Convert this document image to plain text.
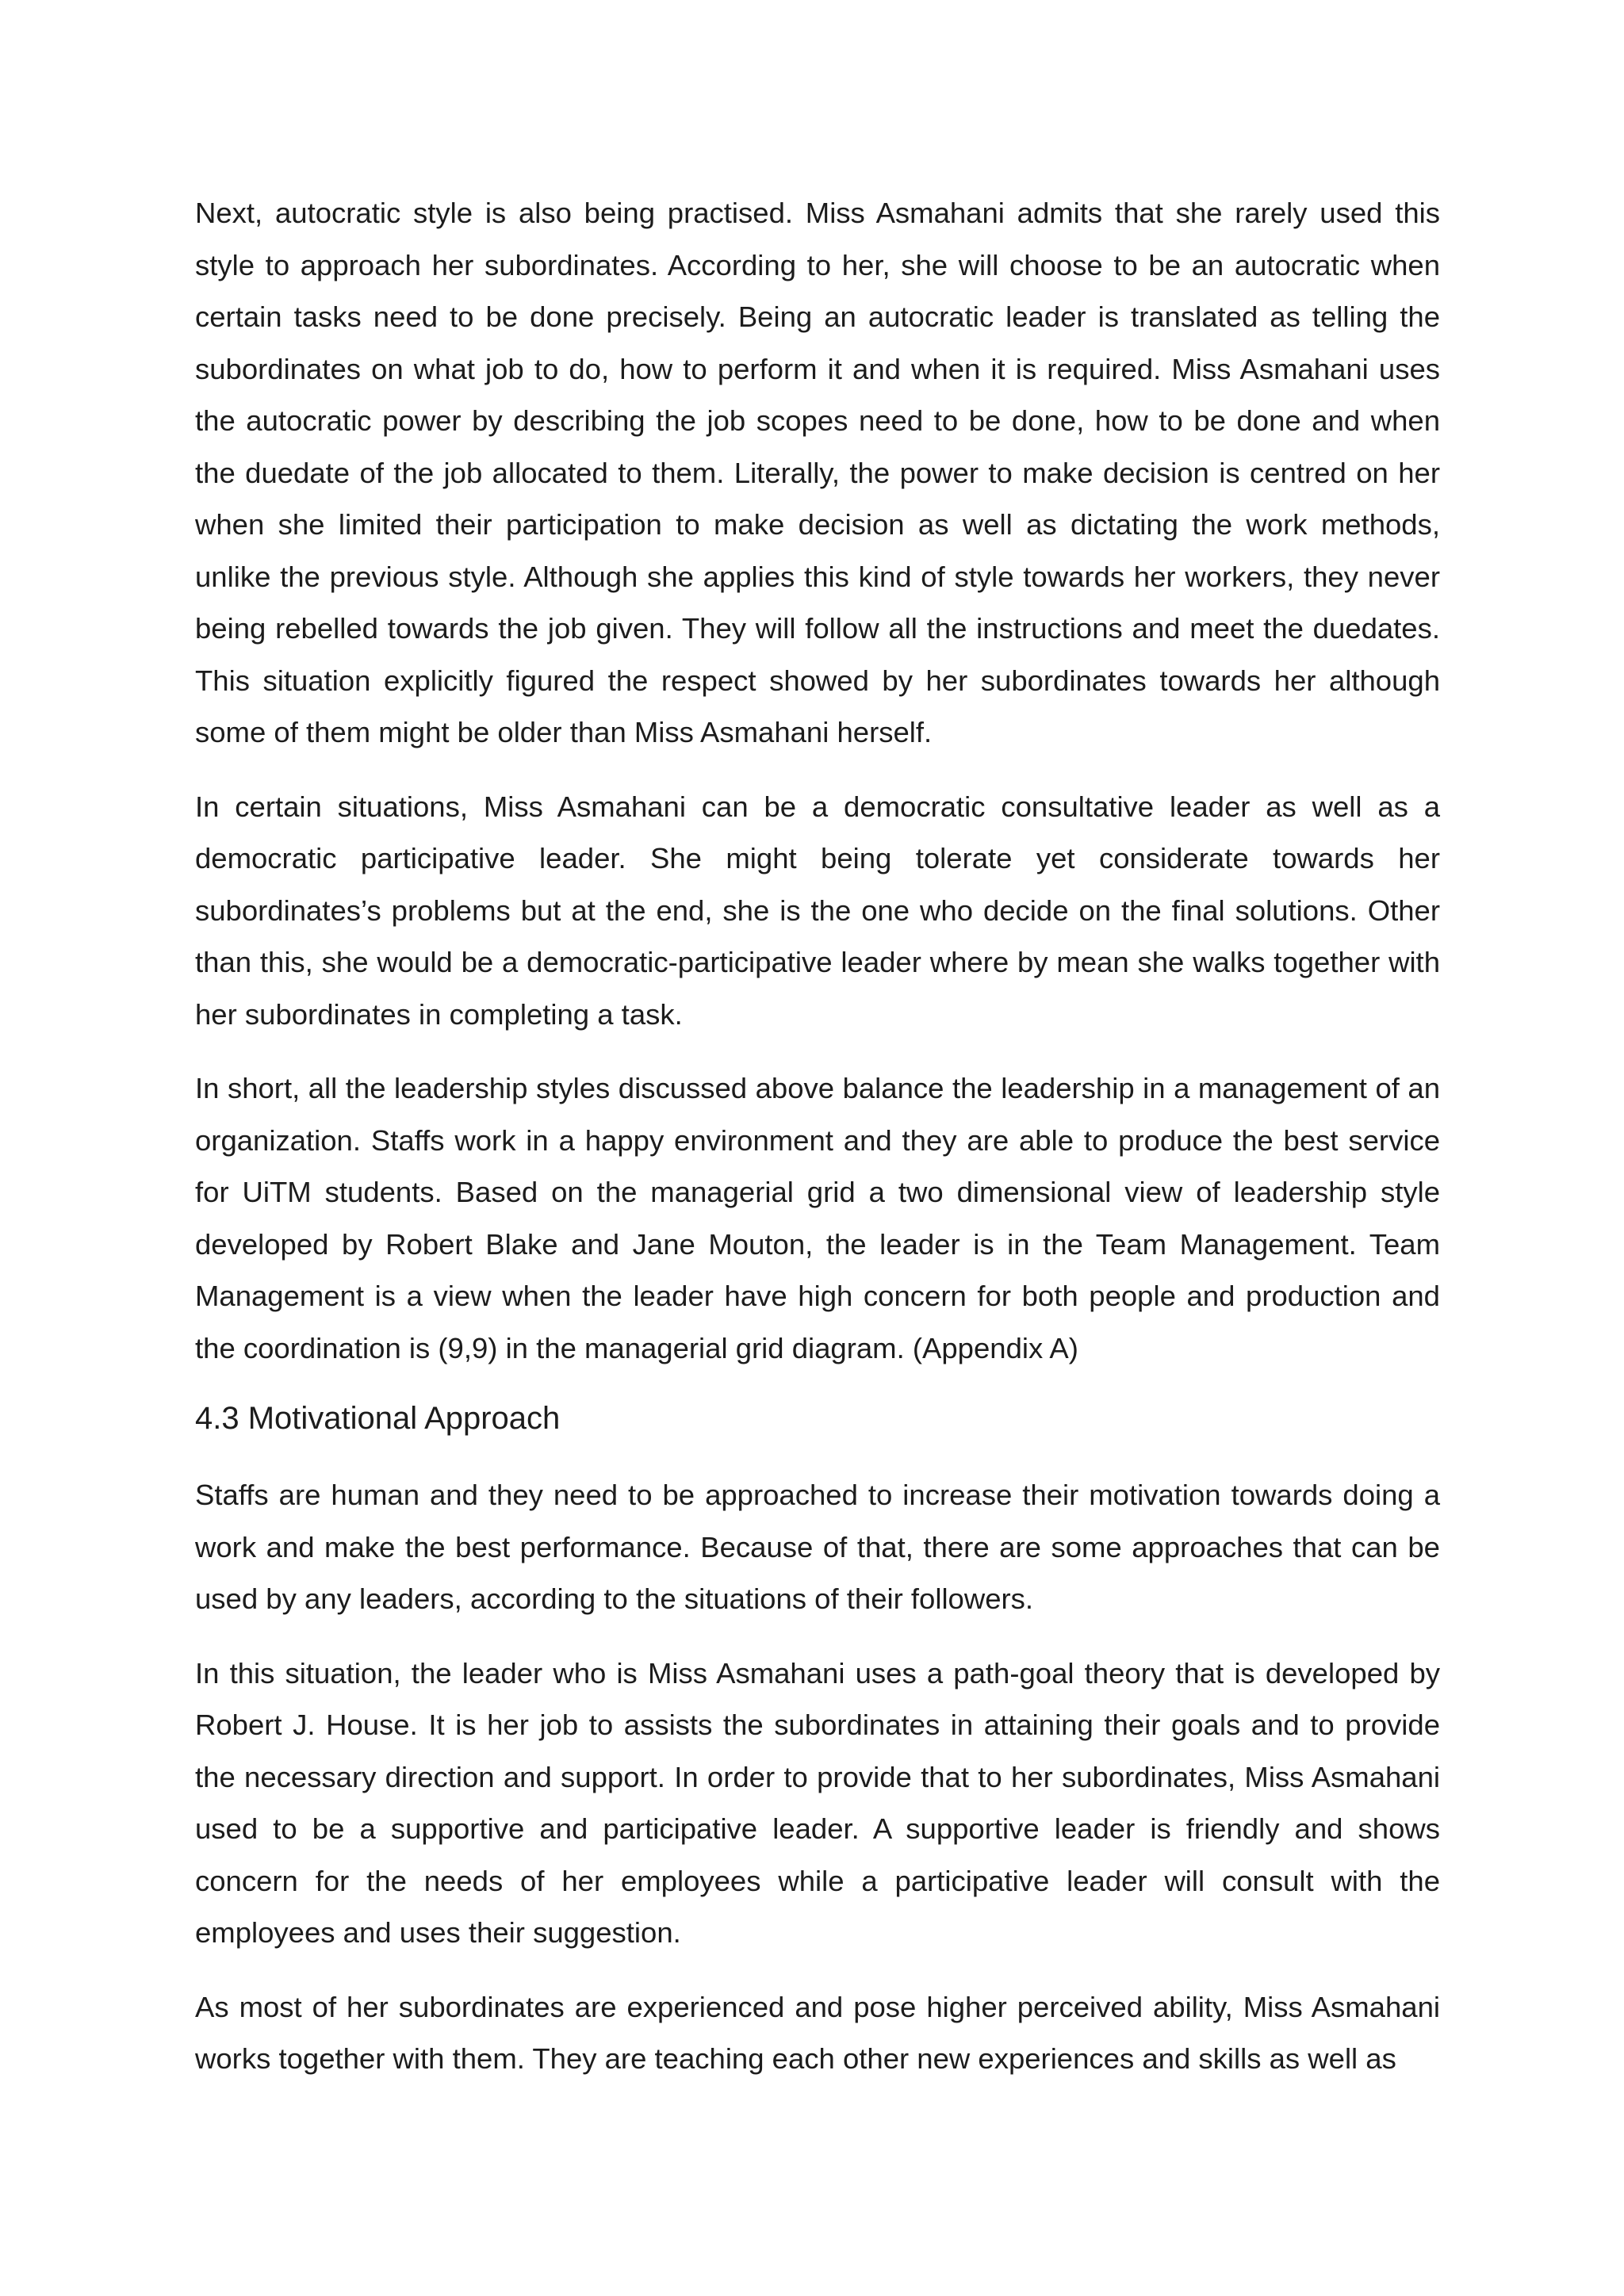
Next, autocratic style is also being practised. Miss Asmahani admits that she rarely used this style to approach her subordinates. According to her, she will choose to be an autocratic when certain tasks need to be done precisely. Being an autocratic leader is translated as telling the subordinates on what job to do, how to perform it and when it is required. Miss Asmahani uses the autocratic power by describing the job scopes need to be done, how to be done and when the duedate of the job allocated to them. Literally, the power to make decision is centred on her when she limited their participation to make decision as well as dictating the work methods, unlike the previous style. Although she applies this kind of style towards her workers, they never being rebelled towards the job given. They will follow all the instructions and meet the duedates. This situation explicitly figured the respect showed by her subordinates towards her although some of them might be older than Miss Asmahani herself.

In certain situations, Miss Asmahani can be a democratic consultative leader as well as a democratic participative leader. She might being tolerate yet considerate towards her subordinates’s problems but at the end, she is the one who decide on the final solutions. Other than this, she would be a democratic-participative leader where by mean she walks together with her subordinates in completing a task.

In short, all the leadership styles discussed above balance the leadership in a management of an organization. Staffs work in a happy environment and they are able to produce the best service for UiTM students. Based on the managerial grid a two dimensional view of leadership style developed by Robert Blake and Jane Mouton, the leader is in the Team Management. Team Management is a view when the leader have high concern for both people and production and the coordination is (9,9) in the managerial grid diagram. (Appendix A)

4.3 Motivational Approach

Staffs are human and they need to be approached to increase their motivation towards doing a work and make the best performance. Because of that, there are some approaches that can be used by any leaders, according to the situations of their followers.

In this situation, the leader who is Miss Asmahani uses a path-goal theory that is developed by Robert J. House. It is her job to assists the subordinates in attaining their goals and to provide the necessary direction and support. In order to provide that to her subordinates, Miss Asmahani used to be a supportive and participative leader. A supportive leader is friendly and shows concern for the needs of her employees while a participative leader will consult with the employees and uses their suggestion.

As most of her subordinates are experienced and pose higher perceived ability, Miss Asmahani works together with them. They are teaching each other new experiences and skills as well as
